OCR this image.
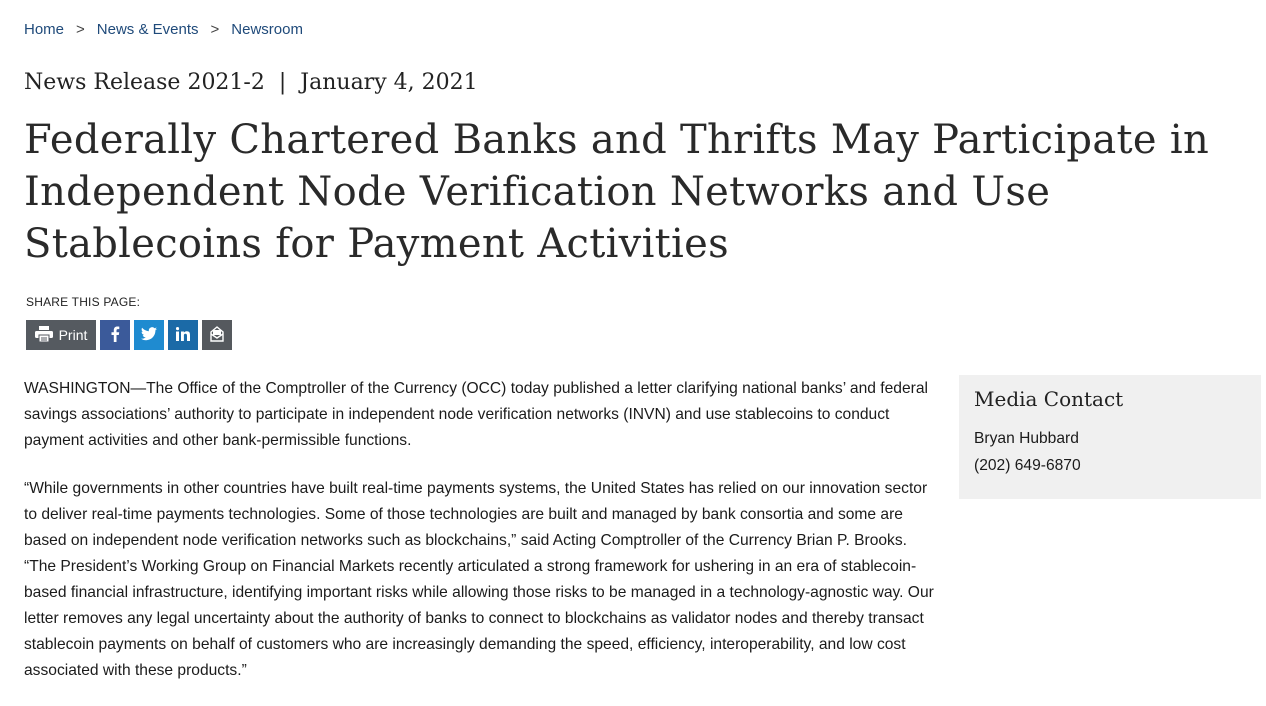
Home > News & Events > Newsroom
News Release 2021-2 | January 4, 2021
Federally Chartered Banks and Thrifts May Participate in Independent Node Verification Networks and Use Stablecoins for Payment Activities
SHARE THIS PAGE:
Print

WASHINGTON—The Office of the Comptroller of the Currency (OCC) today published a letter clarifying national banks’ and federal savings associations’ authority to participate in independent node verification networks (INVN) and use stablecoins to conduct payment activities and other bank-permissible functions.

“While governments in other countries have built real-time payments systems, the United States has relied on our innovation sector to deliver real-time payments technologies. Some of those technologies are built and managed by bank consortia and some are based on independent node verification networks such as blockchains,” said Acting Comptroller of the Currency Brian P. Brooks. “The President’s Working Group on Financial Markets recently articulated a strong framework for ushering in an era of stablecoin-based financial infrastructure, identifying important risks while allowing those risks to be managed in a technology-agnostic way. Our letter removes any legal uncertainty about the authority of banks to connect to blockchains as validator nodes and thereby transact stablecoin payments on behalf of customers who are increasingly demanding the speed, efficiency, interoperability, and low cost associated with these products.”

Media Contact
Bryan Hubbard
(202) 649-6870
